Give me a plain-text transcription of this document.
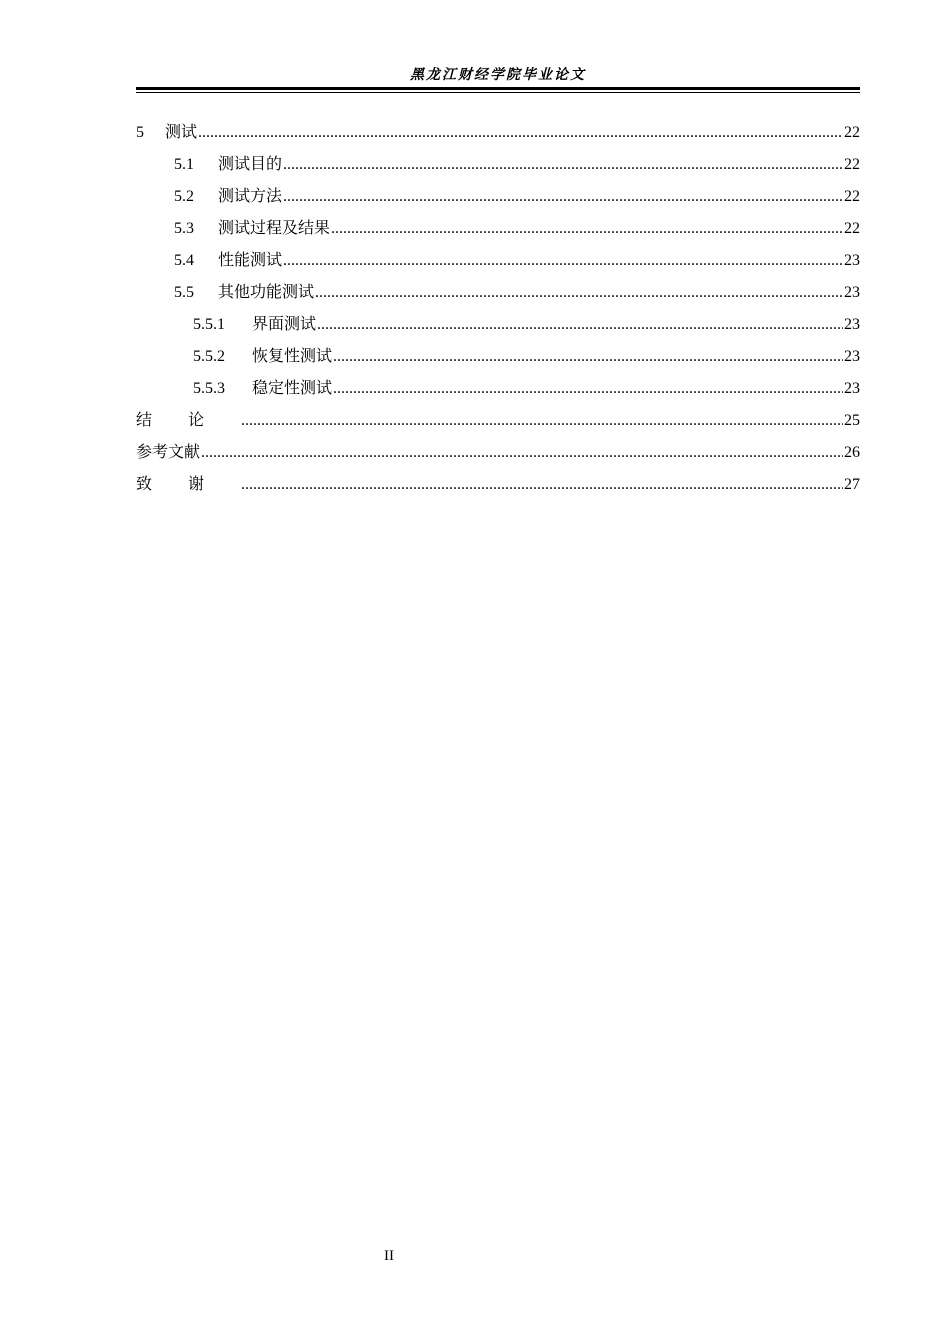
黑龙江财经学院毕业论文
5	测试 .....	22
5.1	测试目的 .....	22
5.2	测试方法 .....	22
5.3	测试过程及结果 .....	22
5.4	性能测试 .....	23
5.5	其他功能测试 .....	23
5.5.1	界面测试 .....	23
5.5.2	恢复性测试 .....	23
5.5.3	稳定性测试 .....	23
结论 .....	25
参考文献 .....	26
致谢 .....	27
II
